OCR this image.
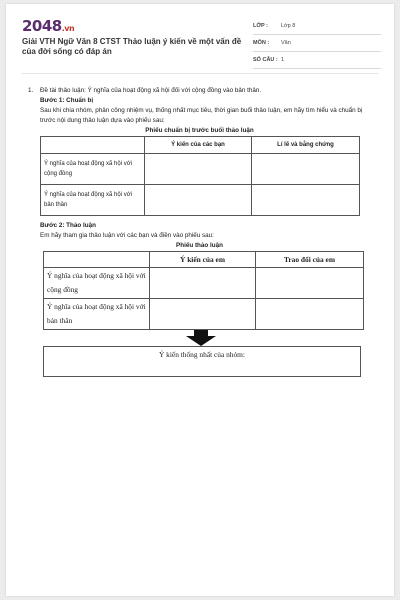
2048.vn
Giải VTH Ngữ Văn 8 CTST Thảo luận ý kiến về một vấn đề của đời sống có đáp án
LỚP :	Lớp 8
MÔN :	Văn
SỐ CÂU : 1
1. Đề tài thảo luận: Ý nghĩa của hoạt động xã hội đối với cộng đồng vào bản thân.
Bước 1: Chuẩn bị
Sau khi chia nhóm, phân công nhiệm vụ, thống nhất mục tiêu, thời gian buổi thảo luận, em hãy tìm hiểu và chuẩn bị trước nội dung thảo luận dựa vào phiếu sau:
Phiếu chuẩn bị trước buổi thảo luận
	Ý kiến của các bạn	Lí lẽ và bằng chứng
Ý nghĩa của hoạt động xã hội với cộng đồng		
Ý nghĩa của hoạt động xã hội với bản thân		
Bước 2: Thảo luận
Em hãy tham gia thảo luận với các bạn và điền vào phiếu sau:
Phiếu thảo luận
	Ý kiến của em	Trao đổi của em
Ý nghĩa của hoạt động xã hội với cộng đồng		
Ý nghĩa của hoạt động xã hội với bản thân		
Ý kiến thống nhất của nhóm:
